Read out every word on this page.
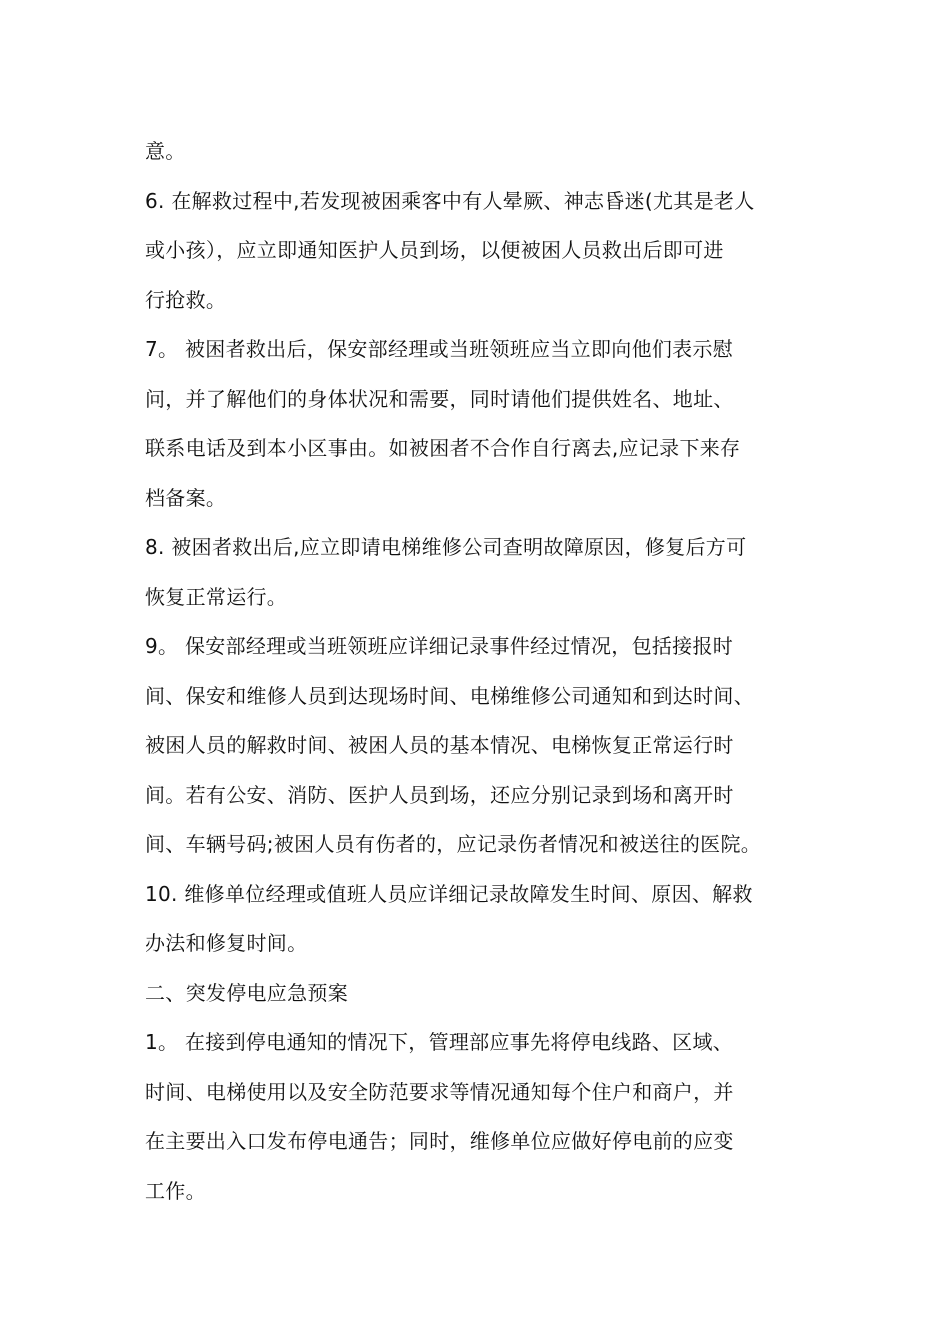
意。
6. 在解救过程中,若发现被困乘客中有人晕厥、神志昏迷(尤其是老人
或小孩），应立即通知医护人员到场，以便被困人员救出后即可进
行抢救。
7。 被困者救出后，保安部经理或当班领班应当立即向他们表示慰
问，并了解他们的身体状况和需要，同时请他们提供姓名、地址、
联系电话及到本小区事由。如被困者不合作自行离去,应记录下来存
档备案。
8. 被困者救出后,应立即请电梯维修公司查明故障原因，修复后方可
恢复正常运行。
9。 保安部经理或当班领班应详细记录事件经过情况，包括接报时
间、保安和维修人员到达现场时间、电梯维修公司通知和到达时间、
被困人员的解救时间、被困人员的基本情况、电梯恢复正常运行时
间。若有公安、消防、医护人员到场，还应分别记录到场和离开时
间、车辆号码;被困人员有伤者的，应记录伤者情况和被送往的医院。
10. 维修单位经理或值班人员应详细记录故障发生时间、原因、解救
办法和修复时间。
二、突发停电应急预案
1。 在接到停电通知的情况下，管理部应事先将停电线路、区域、
时间、电梯使用以及安全防范要求等情况通知每个住户和商户，并
在主要出入口发布停电通告；同时，维修单位应做好停电前的应变
工作。
